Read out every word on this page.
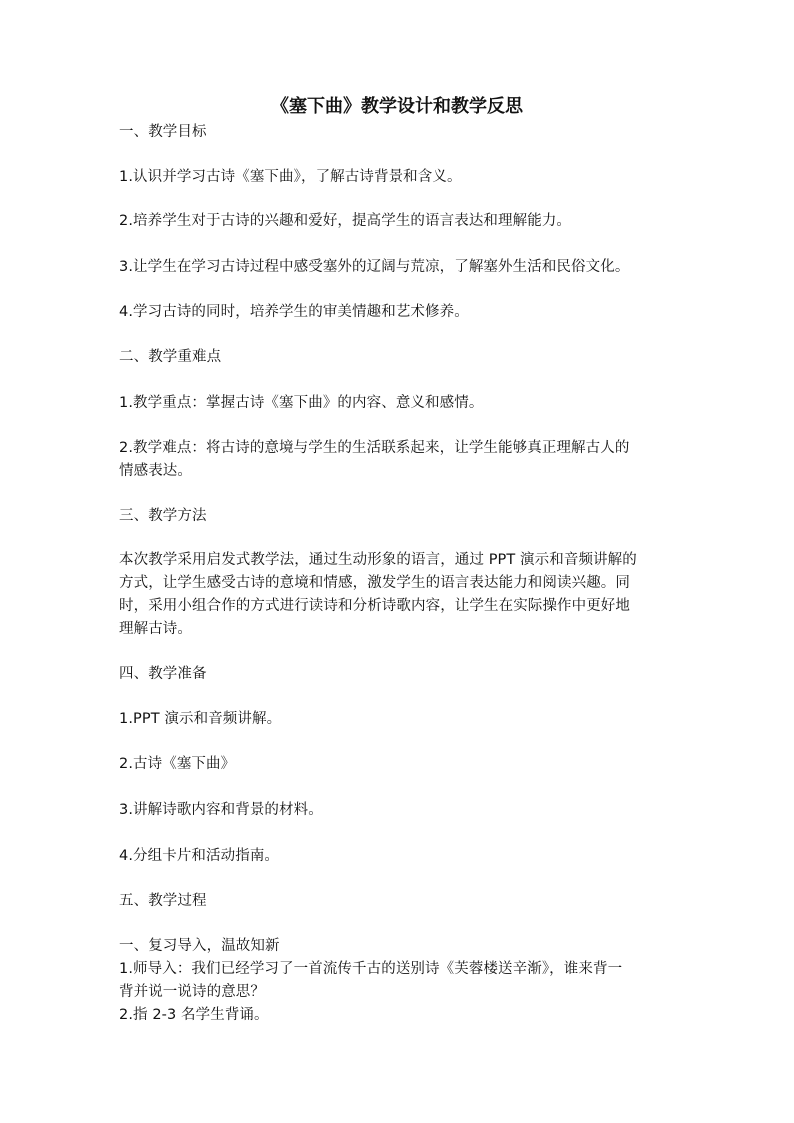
《塞下曲》教学设计和教学反思

一、教学目标

1.认识并学习古诗《塞下曲》，了解古诗背景和含义。

2.培养学生对于古诗的兴趣和爱好，提高学生的语言表达和理解能力。

3.让学生在学习古诗过程中感受塞外的辽阔与荒凉，了解塞外生活和民俗文化。

4.学习古诗的同时，培养学生的审美情趣和艺术修养。

二、教学重难点

1.教学重点：掌握古诗《塞下曲》的内容、意义和感情。

2.教学难点：将古诗的意境与学生的生活联系起来，让学生能够真正理解古人的
情感表达。

三、教学方法

本次教学采用启发式教学法，通过生动形象的语言，通过 PPT 演示和音频讲解的
方式，让学生感受古诗的意境和情感，激发学生的语言表达能力和阅读兴趣。同
时，采用小组合作的方式进行读诗和分析诗歌内容，让学生在实际操作中更好地
理解古诗。

四、教学准备

1.PPT 演示和音频讲解。

2.古诗《塞下曲》

3.讲解诗歌内容和背景的材料。

4.分组卡片和活动指南。

五、教学过程

一、复习导入，温故知新

1.师导入：我们已经学习了一首流传千古的送别诗《芙蓉楼送辛渐》，谁来背一
背并说一说诗的意思？

2.指 2-3 名学生背诵。
